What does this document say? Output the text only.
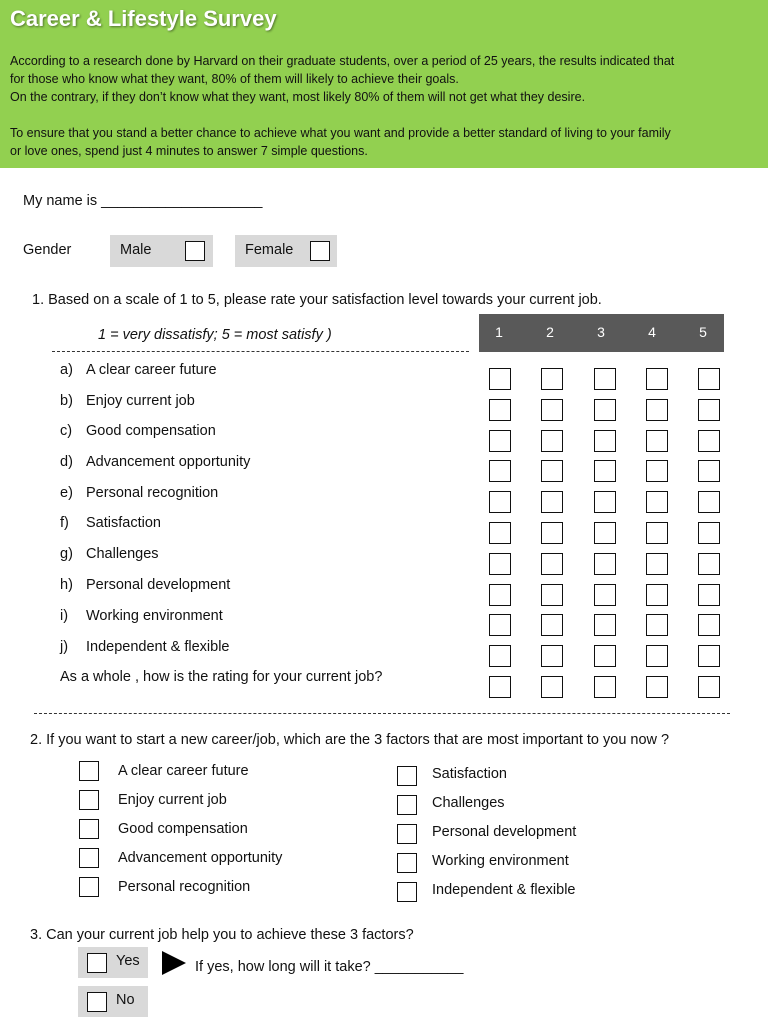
Career & Lifestyle Survey
According to a research done by Harvard on their graduate students, over a period of 25 years, the results indicated that
for those who know what they want, 80% of them will likely to achieve their goals.
On the contrary, if they don’t know what they want, most likely 80% of them will not get what they desire.
To ensure that you stand a better chance to achieve what you want and provide a better standard of living to your family
or love ones, spend just 4 minutes to answer 7 simple questions.
My name is ____________________
Gender	Male	Female
1. Based on a scale of 1 to 5, please rate your satisfaction level towards your current job.
1 = very dissatisfy; 5 = most satisfy )	1	2	3	4	5
a) A clear career future
b) Enjoy current job
c) Good compensation
d) Advancement opportunity
e) Personal recognition
f) Satisfaction
g) Challenges
h) Personal development
i) Working environment
j) Independent & flexible
As a whole , how is the rating for your current job?
2. If you want to start a new career/job, which are the 3 factors that are most important to you now ?
A clear career future
Enjoy current job
Good compensation
Advancement opportunity
Personal recognition
Satisfaction
Challenges
Personal development
Working environment
Independent & flexible
3. Can your current job help you to achieve these 3 factors?
Yes	If yes, how long will it take? ___________
No
